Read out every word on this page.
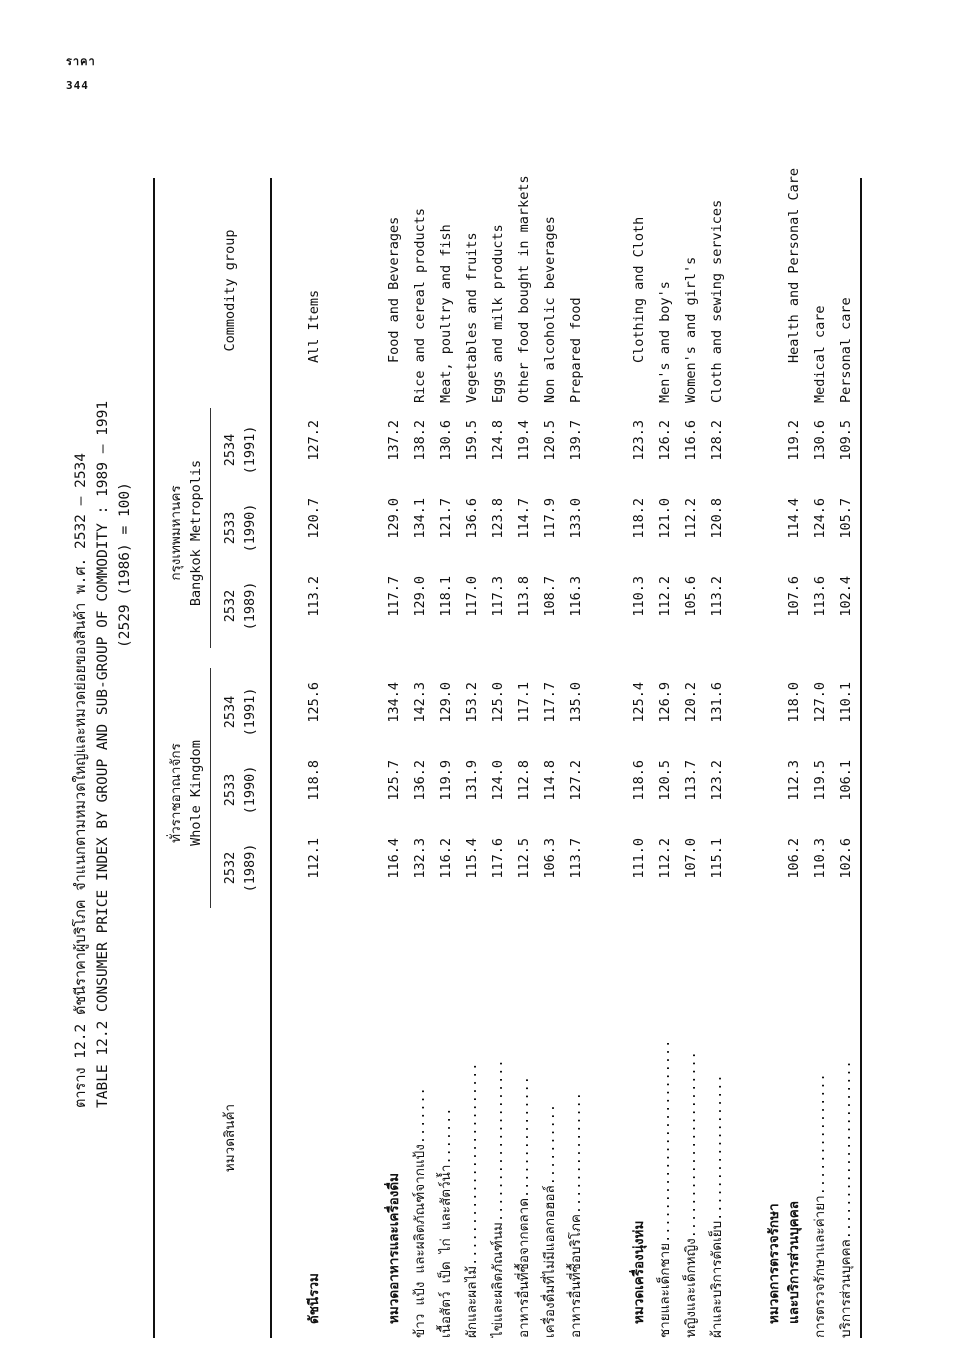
ราคา
344
ตาราง 12.2 ดัชนีราคาผู้บริโภค จำแนกตามหมวดใหญ่และหมวดย่อยของสินค้า พ.ศ. 2532 – 2534 TABLE 12.2 CONSUMER PRICE INDEX BY GROUP AND SUB-GROUP OF COMMODITY : 1989 – 1991 (2529 (1986) = 100)
หมวดสินค้า
Commodity group
ทั่วราชอาณาจักร Whole Kingdom
กรุงเทพมหานคร Bangkok Metropolis
2532 (1989)
2533 (1990)
2534 (1991)
2532 (1989)
2533 (1990)
2534 (1991)
ดัชนีรวม
112.1
118.8
125.6
113.2
120.7
127.2
All Items
หมวดอาหารและเครื่องดื่ม
116.4
125.7
134.4
117.7
129.0
137.2
Food and Beverages
ข้าว แป้ง และผลิตภัณฑ์จากแป้ง.......
132.3
136.2
142.3
129.0
134.1
138.2
Rice and cereal products
เนื้อสัตว์ เป็ด ไก่ และสัตว์น้ำ.......
116.2
119.9
129.0
118.1
121.7
130.6
Meat, poultry and fish
ผักและผลไม้.........................
115.4
131.9
153.2
117.0
136.6
159.5
Vegetables and fruits
ไข่และผลิตภัณฑ์นม....................
117.6
124.0
125.0
117.3
123.8
124.8
Eggs and milk products
อาหารอื่นที่ซื้อจากตลาด...............
112.5
112.8
117.1
113.8
114.7
119.4
Other food bought in markets
เครื่องดื่มที่ไม่มีแอลกอฮอล์..........
106.3
114.8
117.7
108.7
117.9
120.5
Non alcoholic beverages
อาหารอื่นที่ซื้อบริโภค...............
113.7
127.2
135.0
116.3
133.0
139.7
Prepared food
หมวดเครื่องนุ่งห่ม
111.0
118.6
125.4
110.3
118.2
123.3
Clothing and Cloth
ชายและเด็กชาย.........................
112.2
120.5
126.9
112.2
121.0
126.2
Men's and boy's
หญิงและเด็กหญิง.......................
107.0
113.7
120.2
105.6
112.2
116.6
Women's and girl's
ผ้าและบริการตัดเย็บ..................
115.1
123.2
131.6
113.2
120.8
128.2
Cloth and sewing services
หมวดการตรวจรักษา และบริการส่วนบุคคล
106.2
112.3
118.0
107.6
114.4
119.2
Health and Personal Care
การตรวจรักษาและค่ายา...............
110.3
119.5
127.0
113.6
124.6
130.6
Medical care
บริการส่วนบุคคล......................
102.6
106.1
110.1
102.4
105.7
109.5
Personal care
